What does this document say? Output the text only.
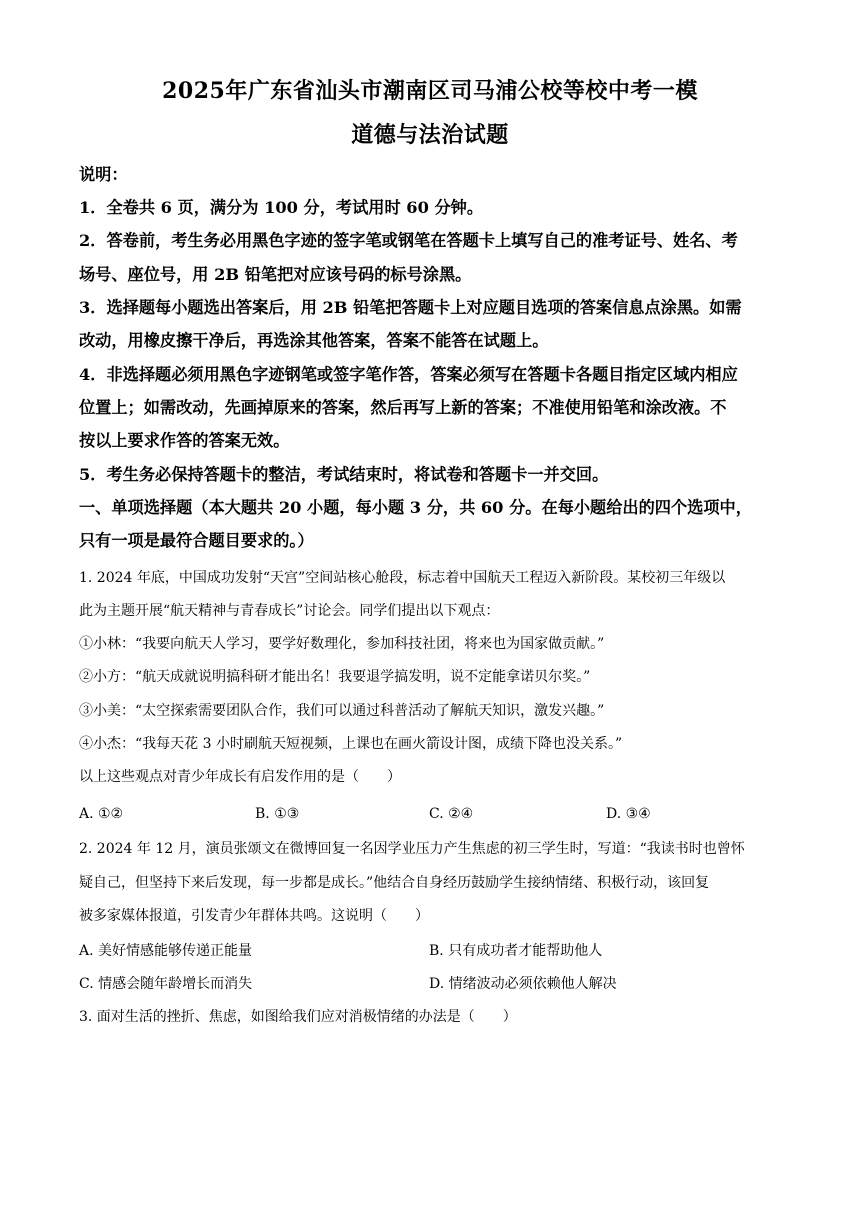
2025年广东省汕头市潮南区司马浦公校等校中考一模
道德与法治试题
说明：
1．全卷共 6 页，满分为 100 分，考试用时 60 分钟。
2．答卷前，考生务必用黑色字迹的签字笔或钢笔在答题卡上填写自己的准考证号、姓名、考
场号、座位号，用 2B 铅笔把对应该号码的标号涂黑。
3．选择题每小题选出答案后，用 2B 铅笔把答题卡上对应题目选项的答案信息点涂黑。如需
改动，用橡皮擦干净后，再选涂其他答案，答案不能答在试题上。
4．非选择题必须用黑色字迹钢笔或签字笔作答，答案必须写在答题卡各题目指定区域内相应
位置上；如需改动，先画掉原来的答案，然后再写上新的答案；不准使用铅笔和涂改液。不
按以上要求作答的答案无效。
5．考生务必保持答题卡的整洁，考试结束时，将试卷和答题卡一并交回。
一、单项选择题（本大题共 20 小题，每小题 3 分，共 60 分。在每小题给出的四个选项中，
只有一项是最符合题目要求的。）
1. 2024 年底，中国成功发射“天宫”空间站核心舱段，标志着中国航天工程迈入新阶段。某校初三年级以
此为主题开展“航天精神与青春成长”讨论会。同学们提出以下观点：
①小林：“我要向航天人学习，要学好数理化，参加科技社团，将来也为国家做贡献。”
②小方：“航天成就说明搞科研才能出名！我要退学搞发明，说不定能拿诺贝尔奖。”
③小美：“太空探索需要团队合作，我们可以通过科普活动了解航天知识，激发兴趣。”
④小杰：“我每天花 3 小时刷航天短视频，上课也在画火箭设计图，成绩下降也没关系。”
以上这些观点对青少年成长有启发作用的是（　　）
A. ①②	B. ①③	C. ②④	D. ③④
2. 2024 年 12 月，演员张颂文在微博回复一名因学业压力产生焦虑的初三学生时，写道：“我读书时也曾怀
疑自己，但坚持下来后发现，每一步都是成长。”他结合自身经历鼓励学生接纳情绪、积极行动，该回复
被多家媒体报道，引发青少年群体共鸣。这说明（　　）
A. 美好情感能够传递正能量	B. 只有成功者才能帮助他人
C. 情感会随年龄增长而消失	D. 情绪波动必须依赖他人解决
3. 面对生活的挫折、焦虑，如图给我们应对消极情绪的办法是（　　）
